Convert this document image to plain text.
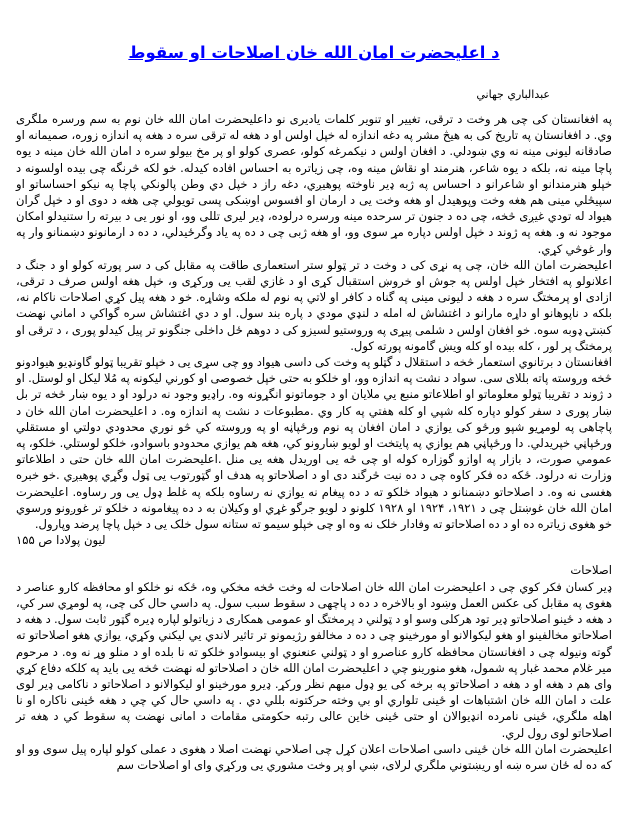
د اعلیحضرت امان الله خان اصلاحات او سقوط
عبدالباري جهاني

په افغانستان کی چی هر وخت د ترقی، تغییر او تنویر کلمات یادیری نو داعلیحضرت امان الله خان نوم به سم ورسره ملگری وي. د افغانستان په تاریخ کی به هیڅ مشر په دغه اندازه له خپل اولس او د هغه له ترقی سره د هغه په اندازه زوره، صمیمانه او صادقانه لیونی مینه نه وي ښودلي. د افغان اولس د نیکمرغه کولو، عصری کولو او پر مخ بیولو سره د امان الله خان مینه د یوه پاچا مینه نه، بلکه د یوه شاعر، هنرمند او نقاش مینه وه، چی زیاتره به احساس افاده کیدله. خو لکه څرنگه چی بیده اولسونه د خپلو هنرمندانو او شاعرانو د احساس په ژبه ډیر ناوخته پوهیږي، دغه راز د خپل دي وطن پالونکي پاچا په نیکو احساساتو او سپیڅلي مینی هم هغه وخت وپوهیدل او هغه وخت یی د ارمان او افسوس اوښکی پسی تویولي چی هغه د دوی او د خپل گران هیواد له تودي غیږی څخه، چی ده د جنون تر سرحده مینه ورسره درلوده، ډیر لیری تللی وو، او نور یی د بیرته را ستنیدلو امکان موجود نه و. هغه په ژوند د خپل اولس دپاره مړ سوی وو، او هغه ژبی چی د ده په یاد وگرځیدلي، د ده د ارمانونو دښمنانو وار په وار غوڅي کړي.

اعلیحضرت امان الله خان، چی په نړی کی د وخت د تر ټولو ستر استعماری طاقت په مقابل کی د سر پورته کولو او د جنگ د اعلانولو په افتخار خپل اولس په جوش او خروښ استقبال کړی او د غازي لقب یی ورکړی و، خپل هغه اولس صرف د ترقی، ازادی او پرمختگ سره د هغه د لیونی مینی په گناه د کافر او لاتي په نوم له ملکه وشاړه. خو د هغه پیل کړي اصلاحات ناکام نه، بلکه د ناپوهانو او داړه مارانو د اغتشاش له امله د لنډي مودي د پاره بند سول. او د دي اغتشاش سره گواکي د اماني نهضت کښتۍ ډوبه سوه. خو افغان اولس د شلمی پیړی په وروستیو لسیزو کی د دوهم ځل داخلی جنگونو تر پیل کیدلو پوری ، د ترقی او پرمختگ پر لور ، کله بیده او کله ویښ گامونه پورته کول.

افغانستان د برتانوي استعمار څخه د استقلال د گټلو په وخت کی داسی هیواد وو چی سړی یی د خپلو تقریبا ټولو گاونډیو هیوادونو څخه وروسته پاته بللای سی. سواد د نشت په اندازه وو، او خلکو به حتی خپل خصوصی او کورني لیکونه په مُلا لیکل او لوستل. او د ژوند د تقریبا ټولو معلوماتو او اطلاعاتو منبع یي ملایان او د جوماتونو انگړونه وه. راډیو وجود نه درلود او د یوه ښار څخه تر بل ښار پوری د سفر کولو دپاره کله شپي او کله هفتي په کار وي .مطبوعات د نشت په اندازه وه. د اعلیحضرت امان الله خان د پاچاهی په لومړیو شپو ورځو کی یوازي د امان افغان په نوم ورځپاڼه او په وروسته کي څو نوري محدودي دولتي او مستقلي ورځپاڼي خپریدلي. دا ورځپاڼي هم یوازي په پایتخت او لویو ښارونو کي، هغه هم یوازي محدودو باسوادو، خلکو لوستلي. خلکو، په عمومي صورت، د بازار په اوازو گوزاره کوله او چی څه یی اوریدل هغه یی منل .اعلیحضرت امان الله خان حتی د اطلاعاتو وزارت نه درلود. ځکه ده فکر کاوه چی د ده نیت څرگند دی او د اصلاحاتو په هدف او گټورتوب یی ټول وگړي پوهیږي .خو خبره هغسی نه وه. د اصلاحاتو دښمنانو د هیواد خلکو ته د ده پیغام نه یوازي نه رساوه بلکه په غلط ډول یی ور رساوه. اعلیحضرت امان الله خان غوښتل چی د ۱۹۲۱، ۱۹۲۴ او ۱۹۲۸ کلونو د لویو جرگو غړي او وکیلان به د ده پیغامونه د خلکو تر غوږونو ورسوي خو هغوی زیاتره ده او د ده اصلاحاتو ته وفادار خلک نه وه او چی خپلو سیمو ته ستانه سول خلک یی د خپل پاچا پرضد وپارول.

لیون پولادا ص ۱۵۵

اصلاحات

ډیر کسان فکر کوي چی د اعلیحضرت امان الله خان اصلاحات له وخت څخه مخکي وه، ځکه نو خلکو او محافظه کارو عناصر د هغوی په مقابل کی عکس العمل وښود او بالاخره د ده د پاچهی د سقوط سبب سول. په داسي حال کی چی، په لومړي سر کي، د هغه د ځینو اصلاحاتو ډیر تود هرکلی وسو او د ټولني د پرمختگ او عمومی همکاری د زیاتولو لپاره ډیره گټور ثابت سول. د هغه د اصلاحاتو مخالفینو او هغو لیکوالانو او مورخینو چی د ده د مخالفو رژیمونو تر تاثیر لاندي یي لیکني وکړي، یوازي هغو اصلاحاتو ته گوته ونیوله چی د افغانستان محافظه کارو عناصرو او د ټولني عنعنوي او بیسوادو خلکو ته نا بلده او د منلو وړ نه وه. د مرحوم میر غلام محمد غبار په شمول، هغو منورینو چي د اعلیحضرت امان الله خان د اصلاحاتو له نهضت څخه یی باید په کلکه دفاع کړي وای هم د هغه او د هغه د اصلاحاتو په برخه کی یو ډول مبهم نظر ورکړ. ډیرو مورخینو او لیکوالانو د اصلاحاتو د ناکامی ډیر لوی علت د امان الله خان اشتباهات او ځینی تلواري او بي وخته حرکتونه بللي دي . په داسي حال کي چي د هغه ځینی ناکاره او نا اهله ملگري، ځینی نامرده انډیوالان او حتی ځینی خاین عالی رتبه حکومتی مقامات د امانی نهضت په سقوط کي د هغه تر اصلاحاتو لوی رول لري.

اعلیحضرت امان الله خان ځینی داسی اصلاحات اعلان کړل چی اصلاحي نهضت اصلا د هغوی د عملی کولو لپاره پیل سوی وو او که ده له ځان سره ښه او ریښتوني ملگري لرلای، ښي او پر وخت مشوري یی ورکړي وای او اصلاحات سم
